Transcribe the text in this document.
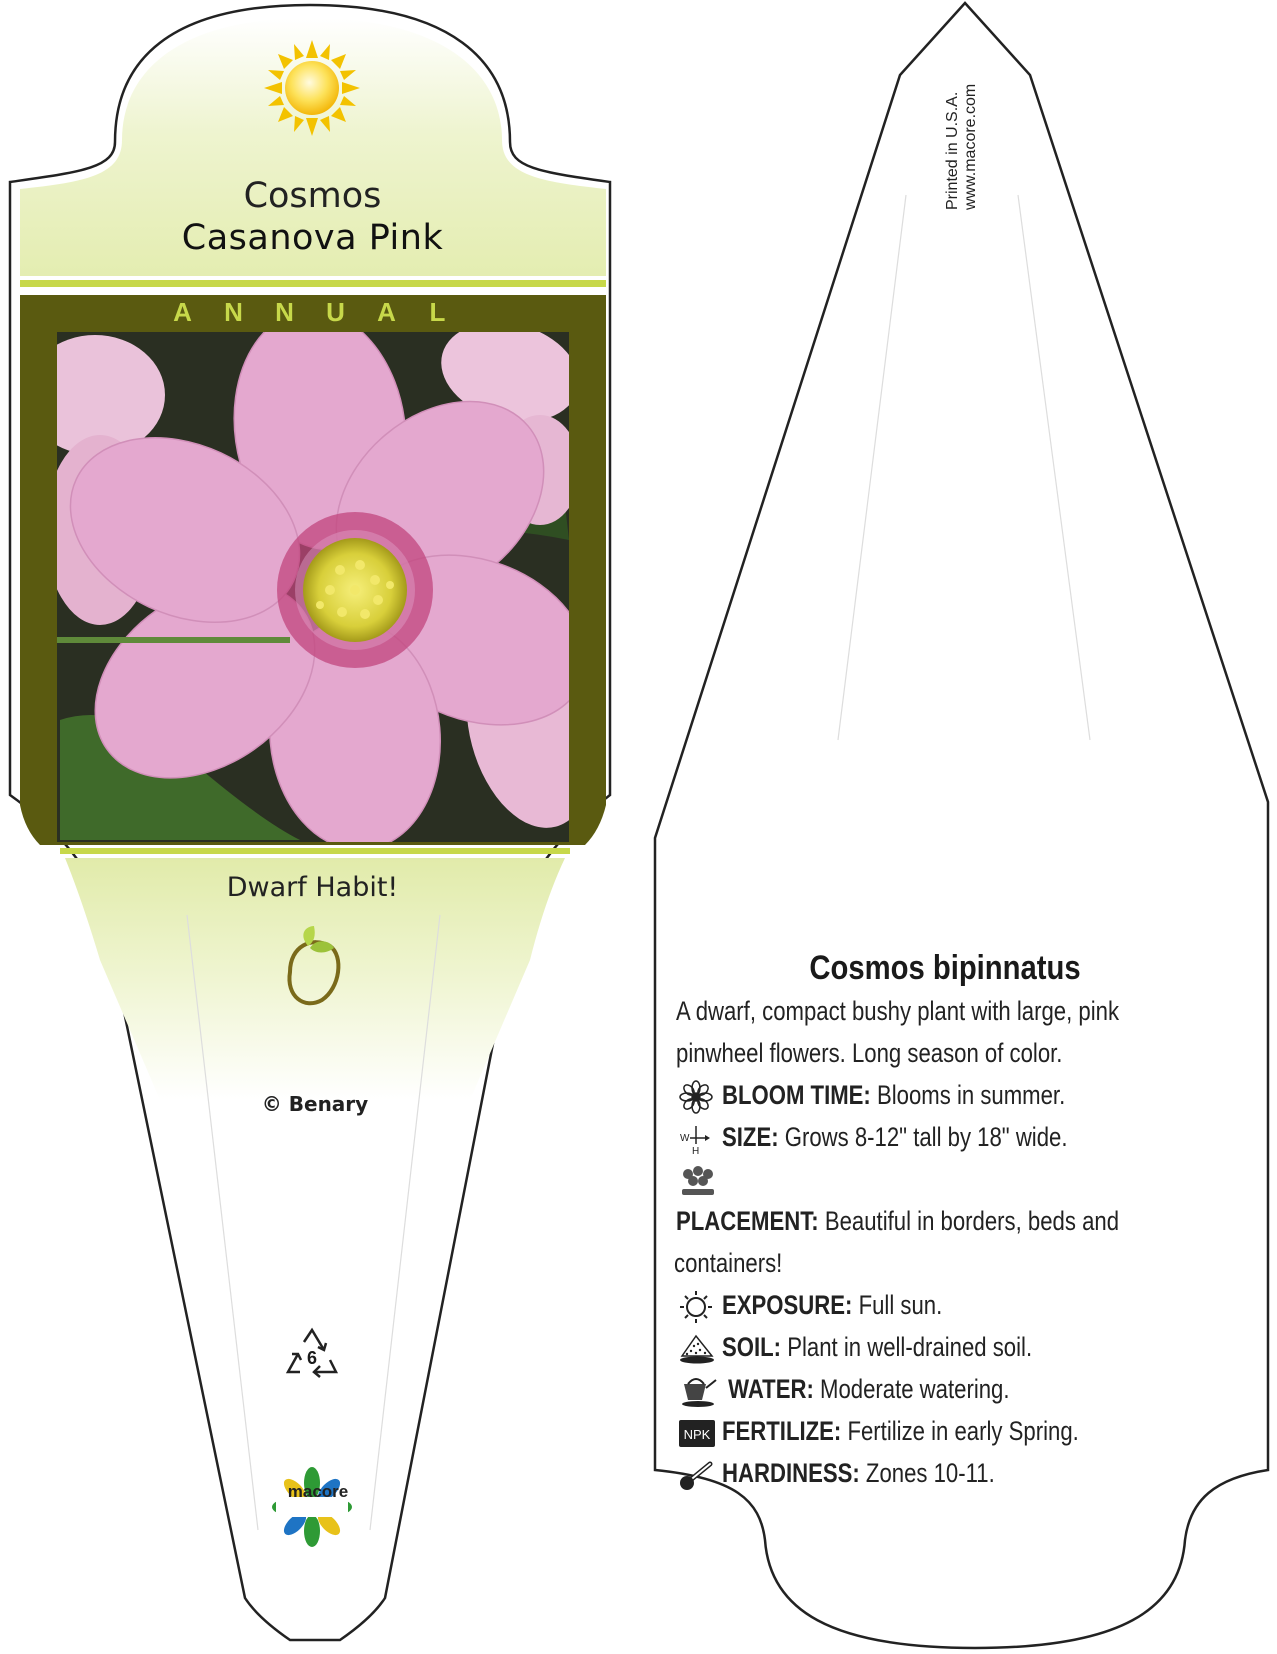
Cosmos
Casanova Pink
A N N U A L
Dwarf Habit!
© Benary
6
macore
Printed in U.S.A. www.macore.com
Cosmos bipinnatus
A dwarf, compact bushy plant with large, pink
pinwheel flowers. Long season of color.
BLOOM TIME: Blooms in summer.
W
H SIZE: Grows 8-12" tall by 18" wide.
PLACEMENT: Beautiful in borders, beds and
containers!
EXPOSURE: Full sun.
SOIL: Plant in well-drained soil.
WATER: Moderate watering.
NPK FERTILIZE: Fertilize in early Spring.
HARDINESS: Zones 10-11.
